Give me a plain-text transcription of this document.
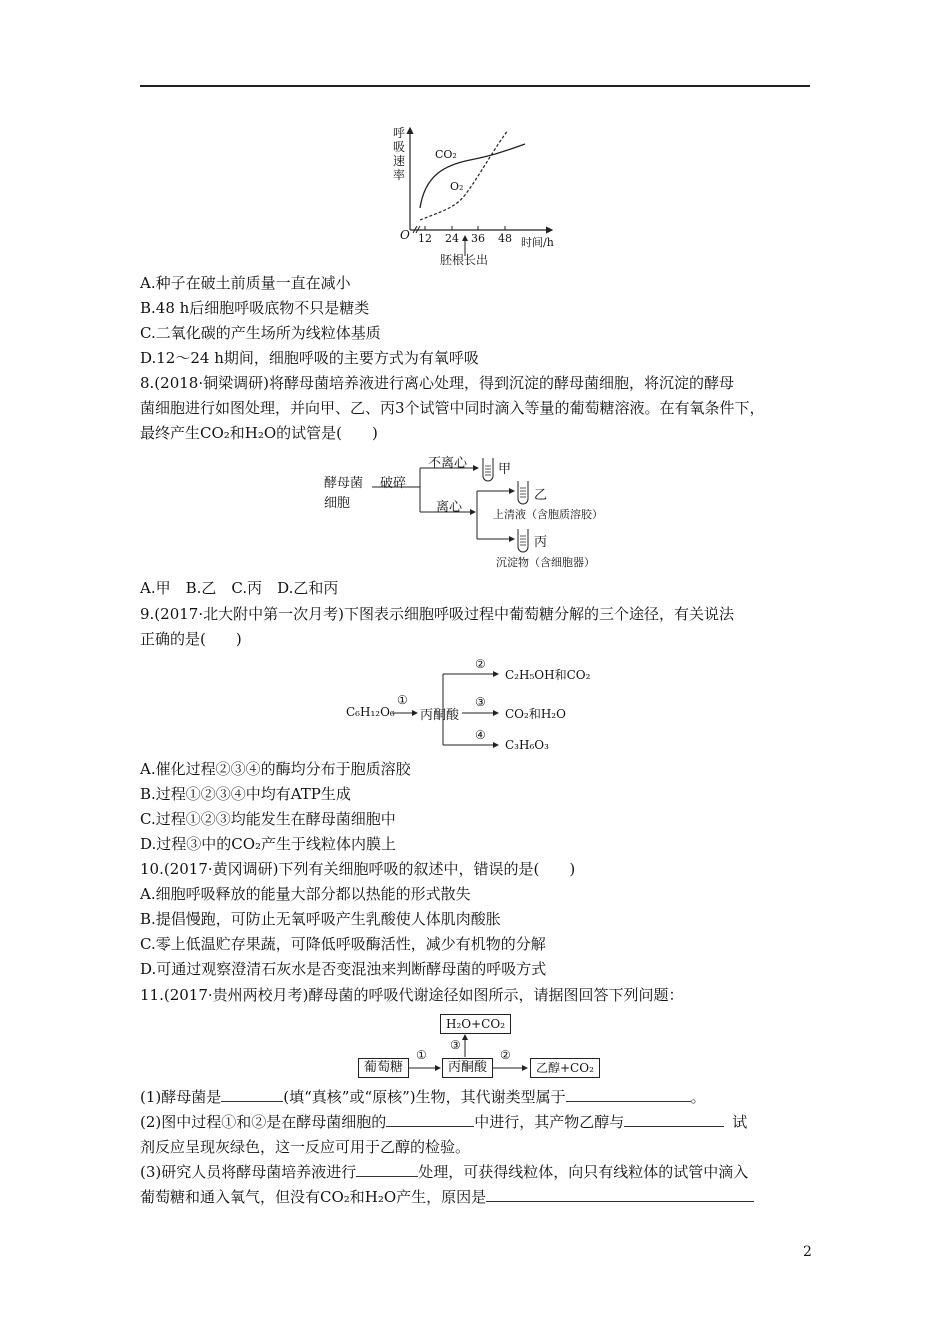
呼
吸
速
率
O 12 24 36 48 时间/h
CO₂
O₂
胚根长出
A.种子在破土前质量一直在减小
B.48 h后细胞呼吸底物不只是糖类
C.二氧化碳的产生场所为线粒体基质
D.12～24 h期间，细胞呼吸的主要方式为有氧呼吸
8.(2018·铜梁调研)将酵母菌培养液进行离心处理，得到沉淀的酵母菌细胞，将沉淀的酵母
菌细胞进行如图处理，并向甲、乙、丙3个试管中同时滴入等量的葡萄糖溶液。在有氧条件下，
最终产生CO₂和H₂O的试管是(　　)
酵母菌
细胞
破碎
不离心
离心
甲
乙
丙
上清液（含胞质溶胶）
沉淀物（含细胞器）
A.甲　B.乙　C.丙　D.乙和丙
9.(2017·北大附中第一次月考)下图表示细胞呼吸过程中葡萄糖分解的三个途径，有关说法
正确的是(　　)
C₆H₁₂O₆
①
丙酮酸
②
C₂H₅OH和CO₂
③
CO₂和H₂O
④
C₃H₆O₃
A.催化过程②③④的酶均分布于胞质溶胶
B.过程①②③④中均有ATP生成
C.过程①②③均能发生在酵母菌细胞中
D.过程③中的CO₂产生于线粒体内膜上
10.(2017·黄冈调研)下列有关细胞呼吸的叙述中，错误的是(　　)
A.细胞呼吸释放的能量大部分都以热能的形式散失
B.提倡慢跑，可防止无氧呼吸产生乳酸使人体肌肉酸胀
C.零上低温贮存果蔬，可降低呼吸酶活性，减少有机物的分解
D.可通过观察澄清石灰水是否变混浊来判断酵母菌的呼吸方式
11.(2017·贵州两校月考)酵母菌的呼吸代谢途径如图所示，请据图回答下列问题：
葡萄糖
①
丙酮酸
②
乙醇+CO₂
③
H₂O+CO₂
(1)酵母菌是	(填“真核”或“原核”)生物，其代谢类型属于	。
(2)图中过程①和②是在酵母菌细胞的	中进行，其产物乙醇与	试
剂反应呈现灰绿色，这一反应可用于乙醇的检验。
(3)研究人员将酵母菌培养液进行	处理，可获得线粒体，向只有线粒体的试管中滴入
葡萄糖和通入氧气，但没有CO₂和H₂O产生，原因是
2
